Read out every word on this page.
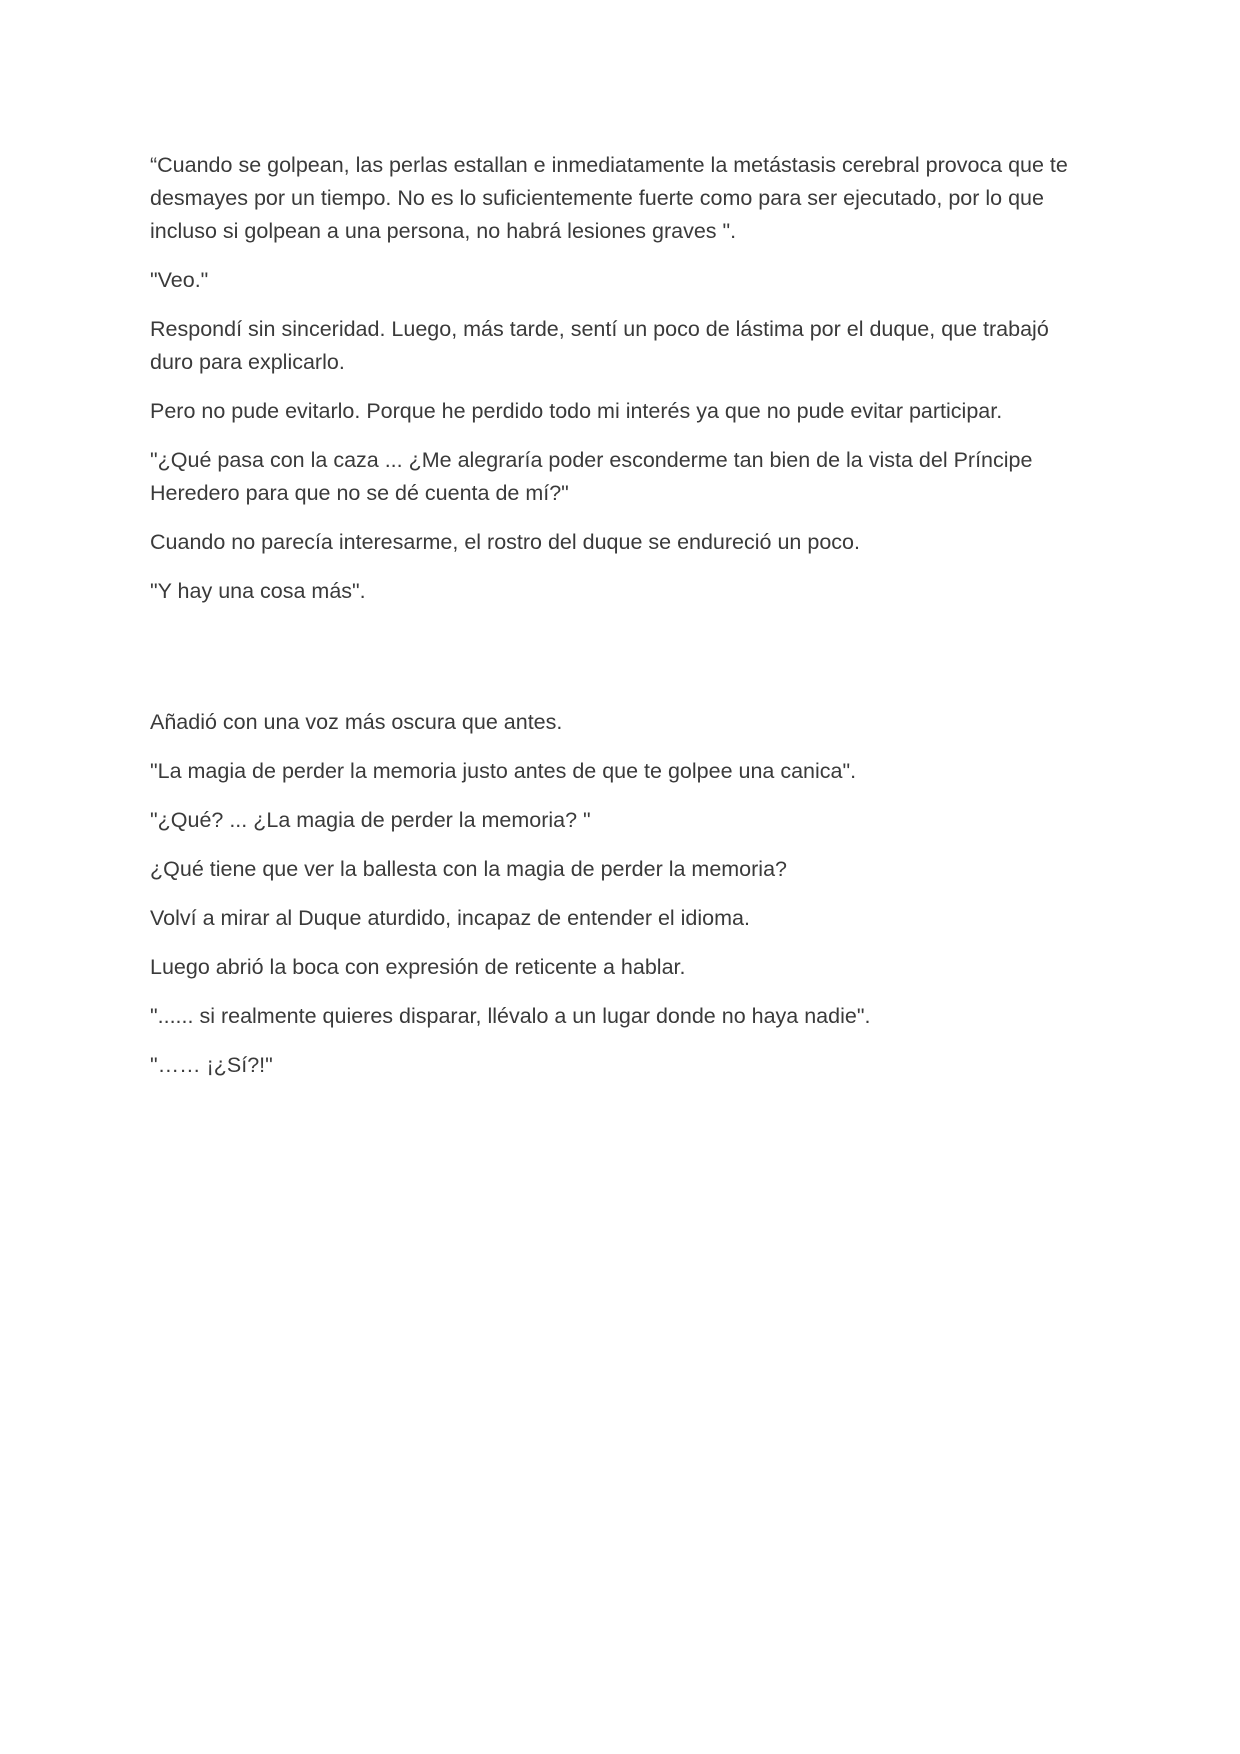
“Cuando se golpean, las perlas estallan e inmediatamente la metástasis cerebral provoca que te desmayes por un tiempo. No es lo suficientemente fuerte como para ser ejecutado, por lo que incluso si golpean a una persona, no habrá lesiones graves ".

"Veo."

Respondí sin sinceridad. Luego, más tarde, sentí un poco de lástima por el duque, que trabajó duro para explicarlo.

Pero no pude evitarlo. Porque he perdido todo mi interés ya que no pude evitar participar.

"¿Qué pasa con la caza ... ¿Me alegraría poder esconderme tan bien de la vista del Príncipe Heredero para que no se dé cuenta de mí?"

Cuando no parecía interesarme, el rostro del duque se endureció un poco.

"Y hay una cosa más".

Añadió con una voz más oscura que antes.

"La magia de perder la memoria justo antes de que te golpee una canica".

"¿Qué? ... ¿La magia de perder la memoria? "

¿Qué tiene que ver la ballesta con la magia de perder la memoria?

Volví a mirar al Duque aturdido, incapaz de entender el idioma.

Luego abrió la boca con expresión de reticente a hablar.

"...... si realmente quieres disparar, llévalo a un lugar donde no haya nadie".

"…… ¡¿Sí?!"
